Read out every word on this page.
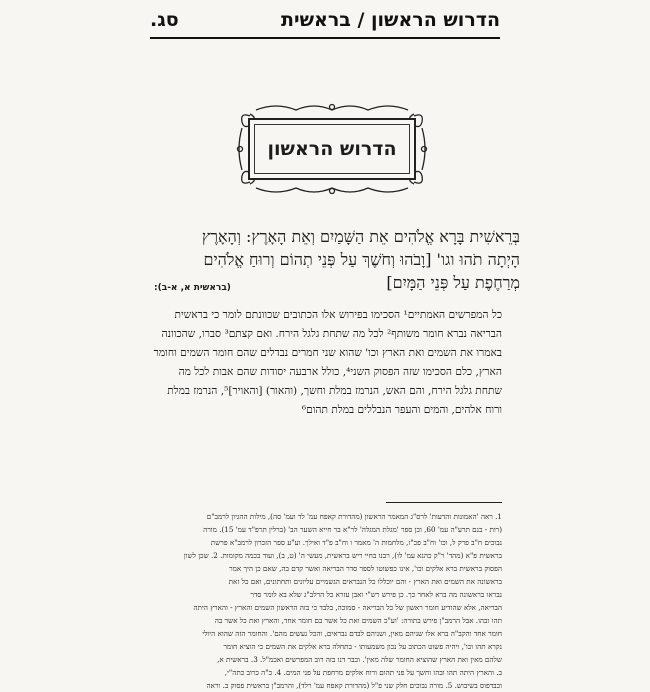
הדרוש הראשון / בראשית
סג.
הדרוש הראשון
בְּרֵאשִׁית בָּרָא אֱלֹהִים אֵת הַשָּׁמַיִם וְאֵת הָאָרֶץ: וְהָאָרֶץ
הָיְתָה תֹהוּ וגו' [וָבֹהוּ וְחֹשֶׁךְ עַל פְּנֵי תְהוֹם וְרוּחַ אֱלֹהִים
מְרַחֶפֶת עַל פְּנֵי הַמָּיִם]
(בראשית א, א-ב):
כל המפרשים האמתיים¹ הסכימו בפירוש אלו הכתובים שכוונתם לומר כי בראשית
הבריאה נברא חומר משותף² לכל מה שתחת גלגל הירח. ואם קצתם³ סברו, שהכוונה
באמרו את השמים ואת הארץ וכו' שהוא שני חמרים נבדלים שהם חומר השמים וחומר
הארץ, כלם הסכימו שזה הפסוק השני⁴, כולל ארבעה יסודות שהם אבות לכל מה
שתחת גלגל הירח, והם האש, הנרמז במלת וחשך, (והאור) [והאויר]⁵, הנרמז במלת
ורוח אלהים, והמים והעפר הנבללים במלת תהום⁶
1. ראה 'האמונות והדעות' לרס"ג המאמר הראשון (מהדורת קאפח עמ' לד ועמ' סה), מילות ההגיון לרמב"ם
(רות - בנם תרע"ה עמ' 60, וכן ספר 'מגלת המגלה' לר"א בר חייא השער הב' (ברלין תרפ"ד עמ' 15). מורה
נבוכים ח"ב פרק ל, וכו' וח"ב פכ"ז, מלחמות ה' מאמר ו וח"ב פ"ד ואילך. וע"ע ספר הזכרון לרמב"א פרשת
בראשית פ"א (מהד' ר"ק כהנא עמ' לו), רבנו בחיי ריש בראשית, מעשי ה' (ט, ב), ועוד בכמה מקומות. 2. שכן לשון
הפסוק בראשית ברא אלקים וכו', אינו כפשוטו לספר סדר הבריאה ואשר קדם בה, שאם כן היך אמר
בראשונה את השמים ואת הארץ - והם יוכללו כל הנבראים הגשמיים עליונים ותחתונים, ואם כל זאת
נבראו בראשונה מה ברא לאחר כך. כן פירש רש"י ואבן עזרא כל הרלב"ג שלא בא לומר סדר
הבריאה, אלא שהודיע חומר ראשון של כל הבריאה - סמוכה, בלבד כי בזה הראשון השמים והארץ - והארץ היתה
תהו ובהו. אבל הרמב"ן פירש בתורה: 'וע"כ השמים ואת כל אשר בם חומר אחד, והארץ ואת כל אשר בה
חומר אחד והקב"ה ברא אלו שניהם מאין, ושניהם לבדם נבראים, והכל נעשים מהם'. והחומר הזה שהוא היולי
נקרא תהו וכו', ויהיה פשוט הכתוב על נכון משמעותו - בתחלה ברא אלקים את השמים כי הוציא חומר
שלהם מאין ואת הארץ שהוציא החומר שלה מאין'. וכבר דנו בזה רוב המפרשים ואכמ"ל. 3. בראשית א,
ב. והארץ היתה תהו ובהו וחשך על פני תהום ורוח אלקים מרחפת על פני המים. 4. כ"ה כרוב כתה"י,
וכבדפוס בשיבוש. 5. מורה נבוכים חלק שני פ"ל (מהדורת קאפח עמ' רלד), והרמב"ן בראשית פסוק ב. וראה
